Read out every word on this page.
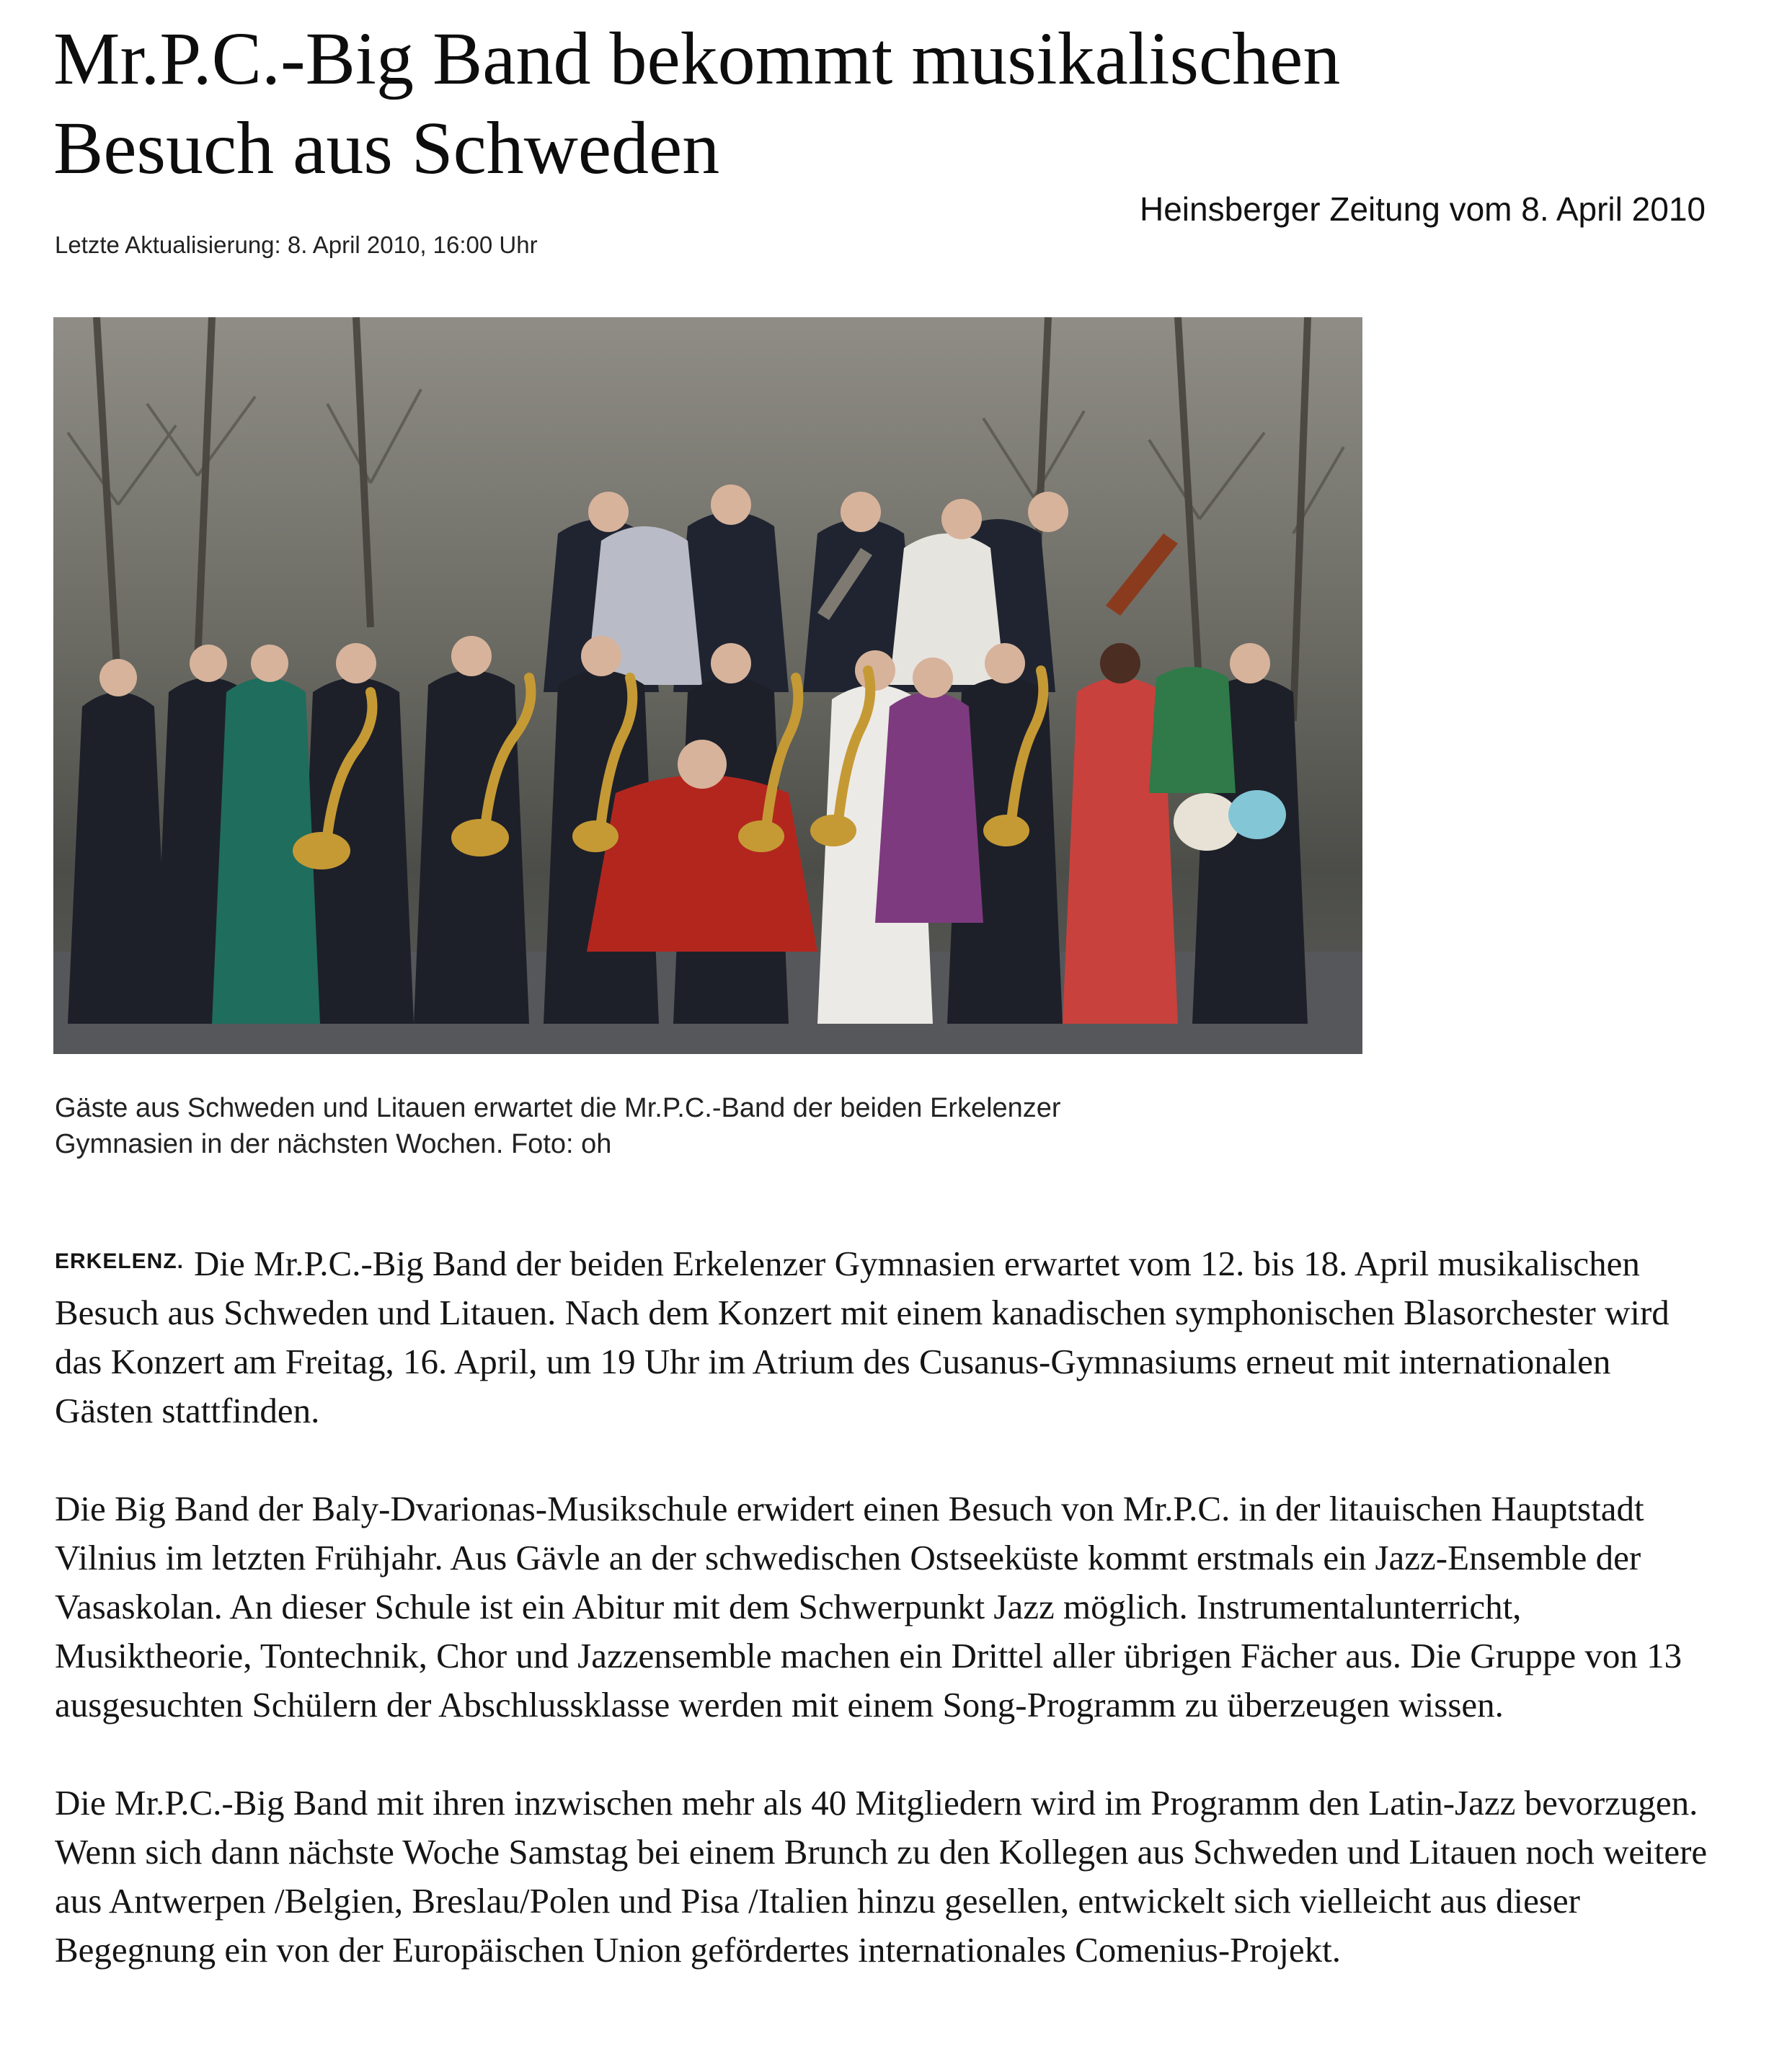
Mr.P.C.-Big Band bekommt musikalischen
Besuch aus Schweden
Heinsberger Zeitung vom 8. April 2010
Letzte Aktualisierung: 8. April 2010, 16:00 Uhr
Gäste aus Schweden und Litauen erwartet die Mr.P.C.-Band der beiden Erkelenzer
Gymnasien in der nächsten Wochen. Foto: oh

$^{ERKELENZ.}$ Die Mr.P.C.-Big Band der beiden Erkelenzer Gymnasien erwartet vom 12. bis 18. April musikalischen Besuch aus Schweden und Litauen. Nach dem Konzert mit einem kanadischen symphonischen Blasorchester wird das Konzert am Freitag, 16. April, um 19 Uhr im Atrium des Cusanus-Gymnasiums erneut mit internationalen Gästen stattfinden.

Die Big Band der Baly-Dvarionas-Musikschule erwidert einen Besuch von Mr.P.C. in der litauischen Hauptstadt Vilnius im letzten Frühjahr. Aus Gävle an der schwedischen Ostseeküste kommt erstmals ein Jazz-Ensemble der Vasaskolan. An dieser Schule ist ein Abitur mit dem Schwerpunkt Jazz möglich. Instrumentalunterricht, Musiktheorie, Tontechnik, Chor und Jazzensemble machen ein Drittel aller übrigen Fächer aus. Die Gruppe von 13 ausgesuchten Schülern der Abschlussklasse werden mit einem Song-Programm zu überzeugen wissen.

Die Mr.P.C.-Big Band mit ihren inzwischen mehr als 40 Mitgliedern wird im Programm den Latin-Jazz bevorzugen. Wenn sich dann nächste Woche Samstag bei einem Brunch zu den Kollegen aus Schweden und Litauen noch weitere aus Antwerpen /Belgien, Breslau/Polen und Pisa /Italien hinzu gesellen, entwickelt sich vielleicht aus dieser Begegnung ein von der Europäischen Union gefördertes internationales Comenius-Projekt.
